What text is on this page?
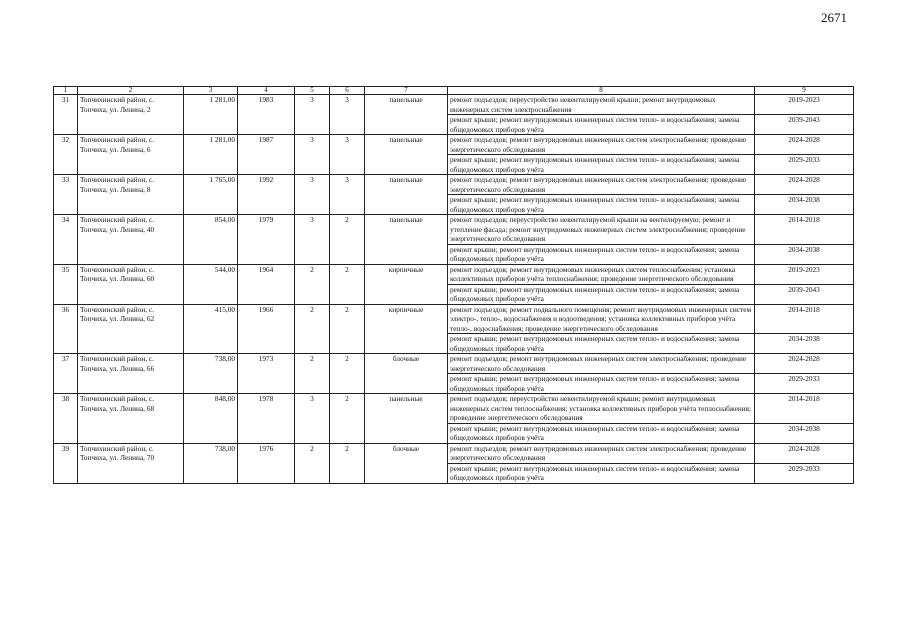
2671
1	2	3	4	5	6	7	8	9
31	Топчихинский район, с. Топчиха, ул. Ленина, 2	1 281,00	1983	3	3	панельные	ремонт подъездов; переустройство невентилируемой крыши; ремонт внутридомовых инженерных систем электроснабжения	2019-2023
							ремонт крыши; ремонт внутридомовых инженерных систем тепло- и водоснабжения; замена общедомовых приборов учёта	2039-2043
32	Топчихинский район, с. Топчиха, ул. Ленина, 6	1 281,00	1987	3	3	панельные	ремонт подъездов; ремонт внутридомовых инженерных систем электроснабжения; проведение энергетического обследования	2024-2028
							ремонт крыши; ремонт внутридомовых инженерных систем тепло- и водоснабжения; замена общедомовых приборов учёта	2029-2033
33	Топчихинский район, с. Топчиха, ул. Ленина, 8	1 765,00	1992	3	3	панельные	ремонт подъездов; ремонт внутридомовых инженерных систем электроснабжения; проведение энергетического обследования	2024-2028
							ремонт крыши; ремонт внутридомовых инженерных систем тепло- и водоснабжения; замена общедомовых приборов учёта	2034-2038
34	Топчихинский район, с. Топчиха, ул. Ленина, 40	854,00	1979	3	2	панельные	ремонт подъездов; переустройство невентилируемой крыши на вентилируемую; ремонт и утепление фасада; ремонт внутридомовых инженерных систем электроснабжения; проведение энергетического обследования	2014-2018
							ремонт крыши; ремонт внутридомовых инженерных систем тепло- и водоснабжения; замена общедомовых приборов учёта	2034-2038
35	Топчихинский район, с. Топчиха, ул. Ленина, 60	544,00	1964	2	2	кирпичные	ремонт подъездов; ремонт внутридомовых инженерных систем теплоснабжения; установка коллективных приборов учёта теплоснабжения; проведение энергетического обследования	2019-2023
							ремонт крыши; ремонт внутридомовых инженерных систем тепло- и водоснабжения; замена общедомовых приборов учёта	2039-2043
36	Топчихинский район, с. Топчиха, ул. Ленина, 62	415,00	1966	2	2	кирпичные	ремонт подъездов; ремонт подвального помещения; ремонт внутридомовых инженерных систем электро-, тепло-, водоснабжения и водоотведения; установка коллективных приборов учёта тепло-, водоснабжения; проведение энергетического обследования	2014-2018
							ремонт крыши; ремонт внутридомовых инженерных систем тепло- и водоснабжения; замена общедомовых приборов учёта	2034-2038
37	Топчихинский район, с. Топчиха, ул. Ленина, 66	738,00	1973	2	2	блочные	ремонт подъездов; ремонт внутридомовых инженерных систем электроснабжения; проведение энергетического обследования	2024-2028
							ремонт крыши; ремонт внутридомовых инженерных систем тепло- и водоснабжения; замена общедомовых приборов учёта	2029-2033
38	Топчихинский район, с. Топчиха, ул. Ленина, 68	848,00	1978	3	2	панельные	ремонт подъездов; переустройство невентилируемой крыши; ремонт внутридомовых инженерных систем теплоснабжения; установка коллективных приборов учёта теплоснабжения; проведение энергетического обследования	2014-2018
							ремонт крыши; ремонт внутридомовых инженерных систем тепло- и водоснабжения; замена общедомовых приборов учёта	2034-2038
39	Топчихинский район, с. Топчиха, ул. Ленина, 70	738,00	1976	2	2	блочные	ремонт подъездов; ремонт внутридомовых инженерных систем электроснабжения; проведение энергетического обследования	2024-2028
							ремонт крыши; ремонт внутридомовых инженерных систем тепло- и водоснабжения; замена общедомовых приборов учёта	2029-2033
